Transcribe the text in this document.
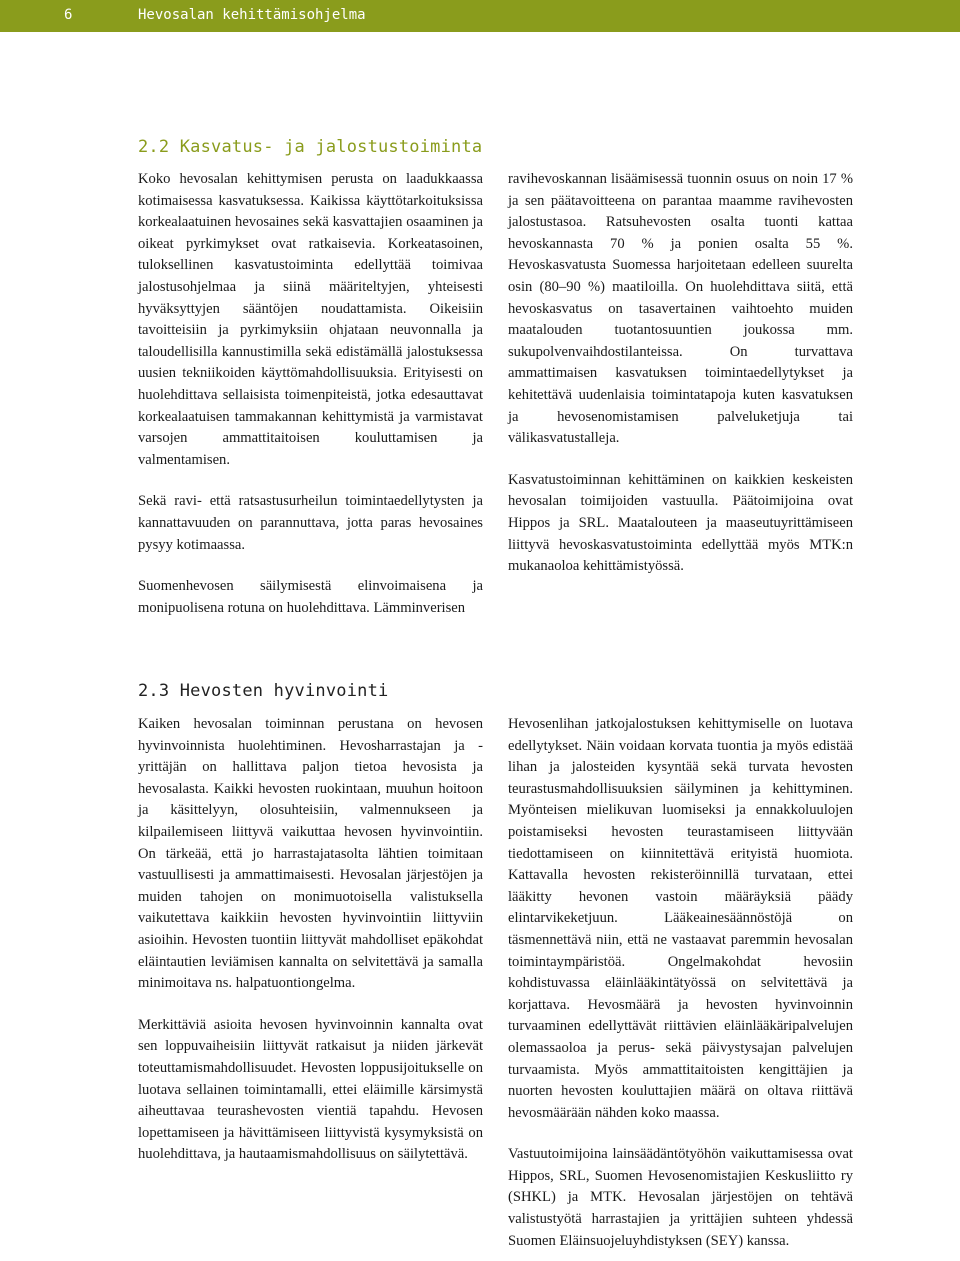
6	Hevosalan kehittämisohjelma
2.2 Kasvatus- ja jalostustoiminta

Koko hevosalan kehittymisen perusta on laadukkaassa kotimaisessa kasvatuksessa. Kaikissa käyttötarkoituksissa korkealaatuinen hevosaines sekä kasvattajien osaaminen ja oikeat pyrkimykset ovat ratkaisevia. Korkeatasoinen, tuloksellinen kasvatustoiminta edellyttää toimivaa jalostusohjelmaa ja siinä määriteltyjen, yhteisesti hyväksyttyjen sääntöjen noudattamista. Oikeisiin tavoitteisiin ja pyrkimyksiin ohjataan neuvonnalla ja taloudellisilla kannustimilla sekä edistämällä jalostuksessa uusien tekniikoiden käyttömahdollisuuksia. Erityisesti on huolehdittava sellaisista toimenpiteistä, jotka edesauttavat korkealaatuisen tammakannan kehittymistä ja varmistavat varsojen ammattitaitoisen kouluttamisen ja valmentamisen.

Sekä ravi- että ratsastusurheilun toimintaedellytysten ja kannattavuuden on parannuttava, jotta paras hevosaines pysyy kotimaassa.

Suomenhevosen säilymisestä elinvoimaisena ja monipuolisena rotuna on huolehdittava. Lämminverisen

ravihevoskannan lisäämisessä tuonnin osuus on noin 17 % ja sen päätavoitteena on parantaa maamme ravihevosten jalostustasoa. Ratsuhevosten osalta tuonti kattaa hevoskannasta 70 % ja ponien osalta 55 %. Hevoskasvatusta Suomessa harjoitetaan edelleen suurelta osin (80–90 %) maatiloilla. On huolehdittava siitä, että hevoskasvatus on tasavertainen vaihtoehto muiden maatalouden tuotantosuuntien joukossa mm. sukupolvenvaihdostilanteissa. On turvattava ammattimaisen kasvatuksen toimintaedellytykset ja kehitettävä uudenlaisia toimintatapoja kuten kasvatuksen ja hevosenomistamisen palveluketjuja tai välikasvatustalleja.

Kasvatustoiminnan kehittäminen on kaikkien keskeisten hevosalan toimijoiden vastuulla. Päätoimijoina ovat Hippos ja SRL. Maatalouteen ja maaseutuyrittämiseen liittyvä hevoskasvatustoiminta edellyttää myös MTK:n mukanaoloa kehittämistyössä.

2.3 Hevosten hyvinvointi

Kaiken hevosalan toiminnan perustana on hevosen hyvinvoinnista huolehtiminen. Hevosharrastajan ja -yrittäjän on hallittava paljon tietoa hevosista ja hevosalasta. Kaikki hevosten ruokintaan, muuhun hoitoon ja käsittelyyn, olosuhteisiin, valmennukseen ja kilpailemiseen liittyvä vaikuttaa hevosen hyvinvointiin. On tärkeää, että jo harrastajatasolta lähtien toimitaan vastuullisesti ja ammattimaisesti. Hevosalan järjestöjen ja muiden tahojen on monimuotoisella valistuksella vaikutettava kaikkiin hevosten hyvinvointiin liittyviin asioihin. Hevosten tuontiin liittyvät mahdolliset epäkohdat eläintautien leviämisen kannalta on selvitettävä ja samalla minimoitava ns. halpatuontiongelma.

Merkittäviä asioita hevosen hyvinvoinnin kannalta ovat sen loppuvaiheisiin liittyvät ratkaisut ja niiden järkevät toteuttamismahdollisuudet. Hevosten loppusijoitukselle on luotava sellainen toimintamalli, ettei eläimille kärsimystä aiheuttavaa teurashevosten vientiä tapahdu. Hevosen lopettamiseen ja hävittämiseen liittyvistä kysymyksistä on huolehdittava, ja hautaamismahdollisuus on säilytettävä.

Hevosenlihan jatkojalostuksen kehittymiselle on luotava edellytykset. Näin voidaan korvata tuontia ja myös edistää lihan ja jalosteiden kysyntää sekä turvata hevosten teurastusmahdollisuuksien säilyminen ja kehittyminen. Myönteisen mielikuvan luomiseksi ja ennakkoluulojen poistamiseksi hevosten teurastamiseen liittyvään tiedottamiseen on kiinnitettävä erityistä huomiota. Kattavalla hevosten rekisteröinnillä turvataan, ettei lääkitty hevonen vastoin määräyksiä päädy elintarvikeketjuun. Lääkeainesäännöstöjä on täsmennettävä niin, että ne vastaavat paremmin hevosalan toimintaympäristöä. Ongelmakohdat hevosiin kohdistuvassa eläinlääkintätyössä on selvitettävä ja korjattava. Hevosmäärä ja hevosten hyvinvoinnin turvaaminen edellyttävät riittävien eläinlääkäripalvelujen olemassaoloa ja perus- sekä päivystysajan palvelujen turvaamista. Myös ammattitaitoisten kengittäjien ja nuorten hevosten kouluttajien määrä on oltava riittävä hevosmäärään nähden koko maassa.

Vastuutoimijoina lainsäädäntötyöhön vaikuttamisessa ovat Hippos, SRL, Suomen Hevosenomistajien Keskusliitto ry (SHKL) ja MTK. Hevosalan järjestöjen on tehtävä valistustyötä harrastajien ja yrittäjien suhteen yhdessä Suomen Eläinsuojeluyhdistyksen (SEY) kanssa.
